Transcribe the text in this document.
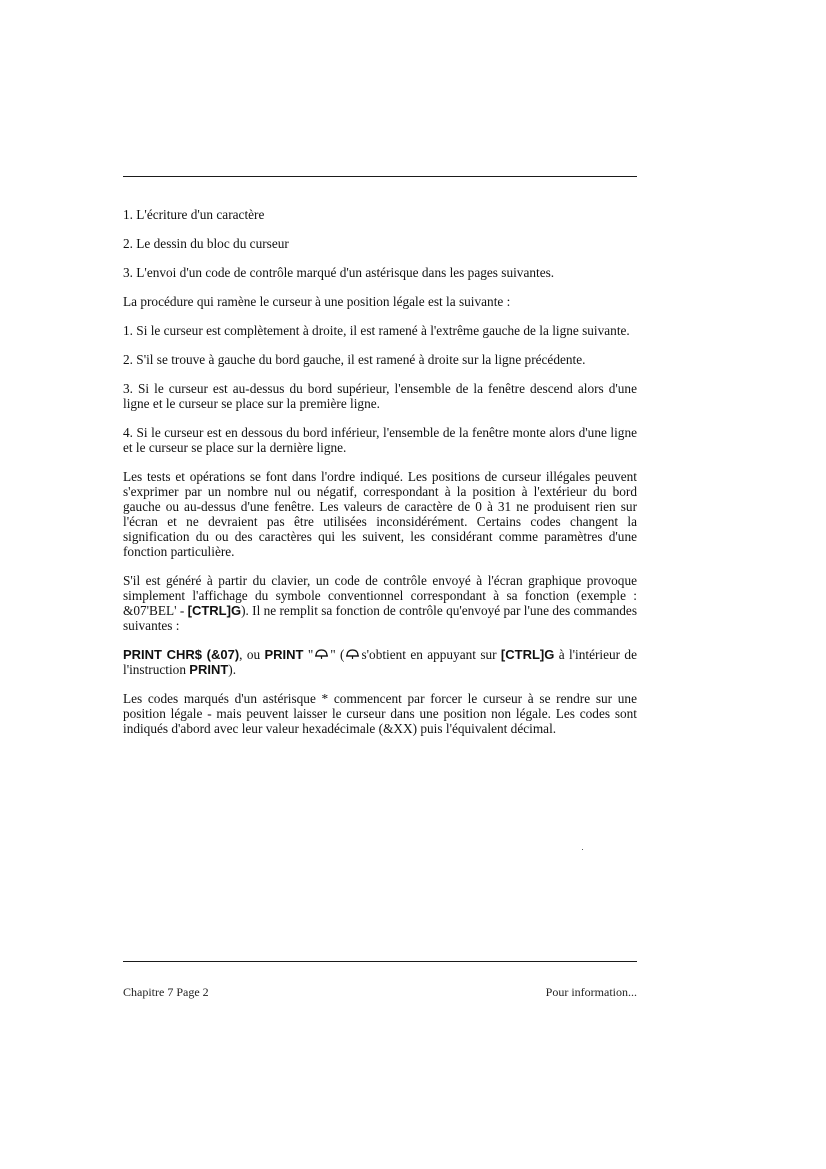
1. L'écriture d'un caractère

2. Le dessin du bloc du curseur

3. L'envoi d'un code de contrôle marqué d'un astérisque dans les pages suivantes.

La procédure qui ramène le curseur à une position légale est la suivante :

1. Si le curseur est complètement à droite, il est ramené à l'extrême gauche de la ligne suivante.

2. S'il se trouve à gauche du bord gauche, il est ramené à droite sur la ligne précédente.

3. Si le curseur est au-dessus du bord supérieur, l'ensemble de la fenêtre descend alors d'une ligne et le curseur se place sur la première ligne.

4. Si le curseur est en dessous du bord inférieur, l'ensemble de la fenêtre monte alors d'une ligne et le curseur se place sur la dernière ligne.

Les tests et opérations se font dans l'ordre indiqué. Les positions de curseur illégales peuvent s'exprimer par un nombre nul ou négatif, correspondant à la position à l'extérieur du bord gauche ou au-dessus d'une fenêtre. Les valeurs de caractère de 0 à 31 ne produisent rien sur l'écran et ne devraient pas être utilisées inconsidérément. Certains codes changent la signification du ou des caractères qui les suivent, les considérant comme paramètres d'une fonction particulière.

S'il est généré à partir du clavier, un code de contrôle envoyé à l'écran graphique provoque simplement l'affichage du symbole conventionnel correspondant à sa fonction (exemple : &07'BEL' - [CTRL]G). Il ne remplit sa fonction de contrôle qu'envoyé par l'une des commandes suivantes :

PRINT CHR$ (&07), ou PRINT " " ( s'obtient en appuyant sur [CTRL]G à l'intérieur de l'instruction PRINT).

Les codes marqués d'un astérisque * commencent par forcer le curseur à se rendre sur une position légale - mais peuvent laisser le curseur dans une position non légale. Les codes sont indiqués d'abord avec leur valeur hexadécimale (&XX) puis l'équivalent décimal.

Chapitre 7 Page 2	Pour information...
